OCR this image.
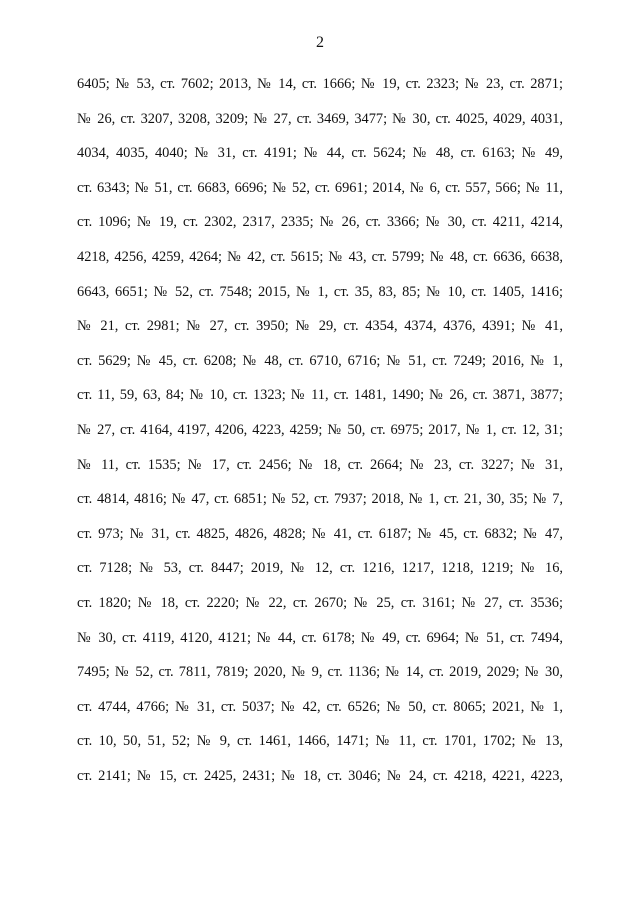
2
6405; № 53, ст. 7602; 2013, № 14, ст. 1666; № 19, ст. 2323; № 23, ст. 2871;
№ 26, ст. 3207, 3208, 3209; № 27, ст. 3469, 3477; № 30, ст. 4025, 4029, 4031,
4034, 4035, 4040; № 31, ст. 4191; № 44, ст. 5624; № 48, ст. 6163; № 49,
ст. 6343; № 51, ст. 6683, 6696; № 52, ст. 6961; 2014, № 6, ст. 557, 566; № 11,
ст. 1096; № 19, ст. 2302, 2317, 2335; № 26, ст. 3366; № 30, ст. 4211, 4214,
4218, 4256, 4259, 4264; № 42, ст. 5615; № 43, ст. 5799; № 48, ст. 6636, 6638,
6643, 6651; № 52, ст. 7548; 2015, № 1, ст. 35, 83, 85; № 10, ст. 1405, 1416;
№ 21, ст. 2981; № 27, ст. 3950; № 29, ст. 4354, 4374, 4376, 4391; № 41,
ст. 5629; № 45, ст. 6208; № 48, ст. 6710, 6716; № 51, ст. 7249; 2016, № 1,
ст. 11, 59, 63, 84; № 10, ст. 1323; № 11, ст. 1481, 1490; № 26, ст. 3871, 3877;
№ 27, ст. 4164, 4197, 4206, 4223, 4259; № 50, ст. 6975; 2017, № 1, ст. 12, 31;
№ 11, ст. 1535; № 17, ст. 2456; № 18, ст. 2664; № 23, ст. 3227; № 31,
ст. 4814, 4816; № 47, ст. 6851; № 52, ст. 7937; 2018, № 1, ст. 21, 30, 35; № 7,
ст. 973; № 31, ст. 4825, 4826, 4828; № 41, ст. 6187; № 45, ст. 6832; № 47,
ст. 7128; № 53, ст. 8447; 2019, № 12, ст. 1216, 1217, 1218, 1219; № 16,
ст. 1820; № 18, ст. 2220; № 22, ст. 2670; № 25, ст. 3161; № 27, ст. 3536;
№ 30, ст. 4119, 4120, 4121; № 44, ст. 6178; № 49, ст. 6964; № 51, ст. 7494,
7495; № 52, ст. 7811, 7819; 2020, № 9, ст. 1136; № 14, ст. 2019, 2029; № 30,
ст. 4744, 4766; № 31, ст. 5037; № 42, ст. 6526; № 50, ст. 8065; 2021, № 1,
ст. 10, 50, 51, 52; № 9, ст. 1461, 1466, 1471; № 11, ст. 1701, 1702; № 13,
ст. 2141; № 15, ст. 2425, 2431; № 18, ст. 3046; № 24, ст. 4218, 4221, 4223,
